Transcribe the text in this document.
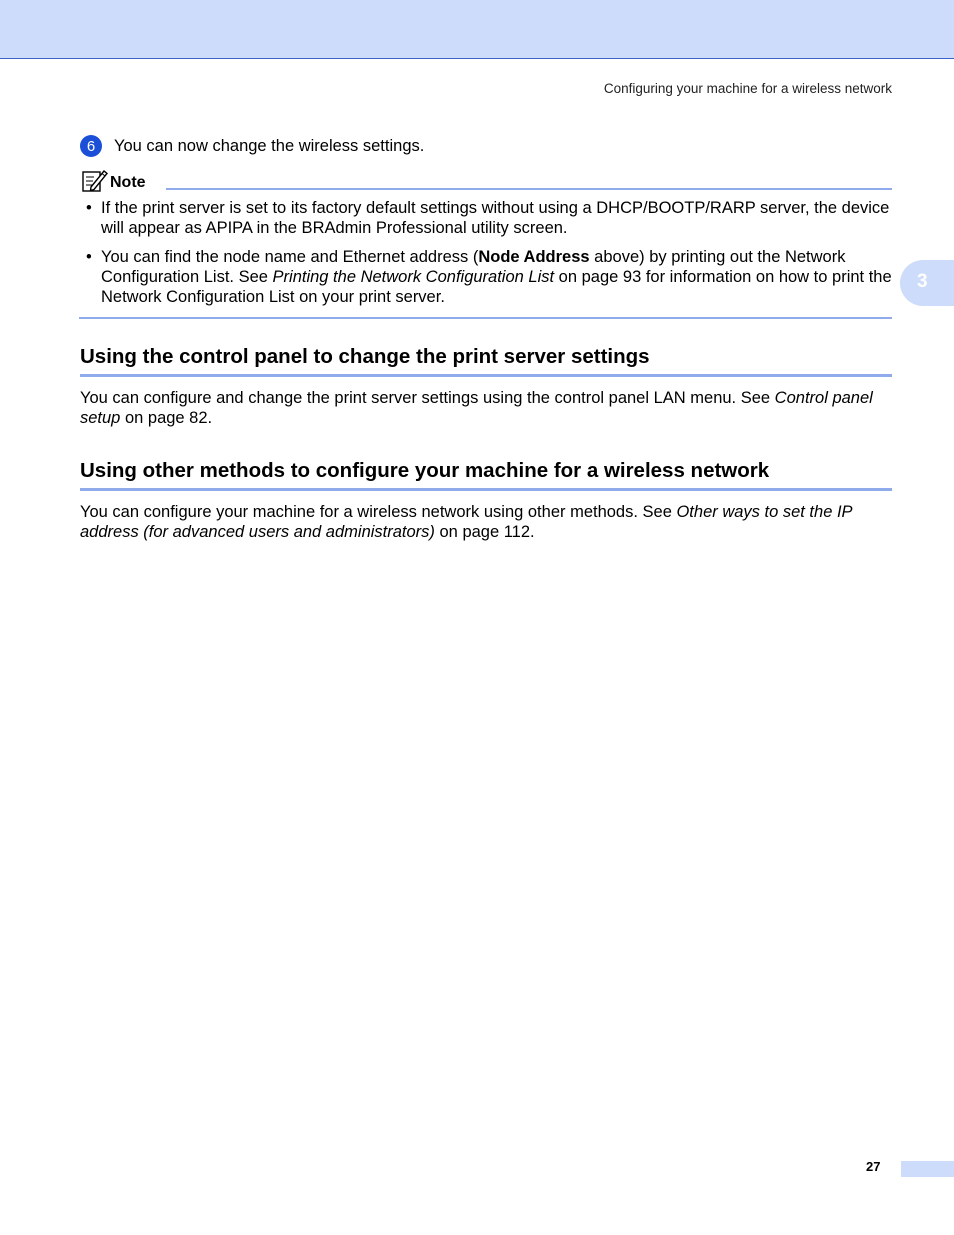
Configuring your machine for a wireless network
3
6	You can now change the wireless settings.
Note
• If the print server is set to its factory default settings without using a DHCP/BOOTP/RARP server, the device will appear as APIPA in the BRAdmin Professional utility screen.
• You can find the node name and Ethernet address (Node Address above) by printing out the Network Configuration List. See Printing the Network Configuration List on page 93 for information on how to print the Network Configuration List on your print server.
Using the control panel to change the print server settings

You can configure and change the print server settings using the control panel LAN menu. See Control panel setup on page 82.

Using other methods to configure your machine for a wireless network

You can configure your machine for a wireless network using other methods. See Other ways to set the IP address (for advanced users and administrators) on page 112.

27
